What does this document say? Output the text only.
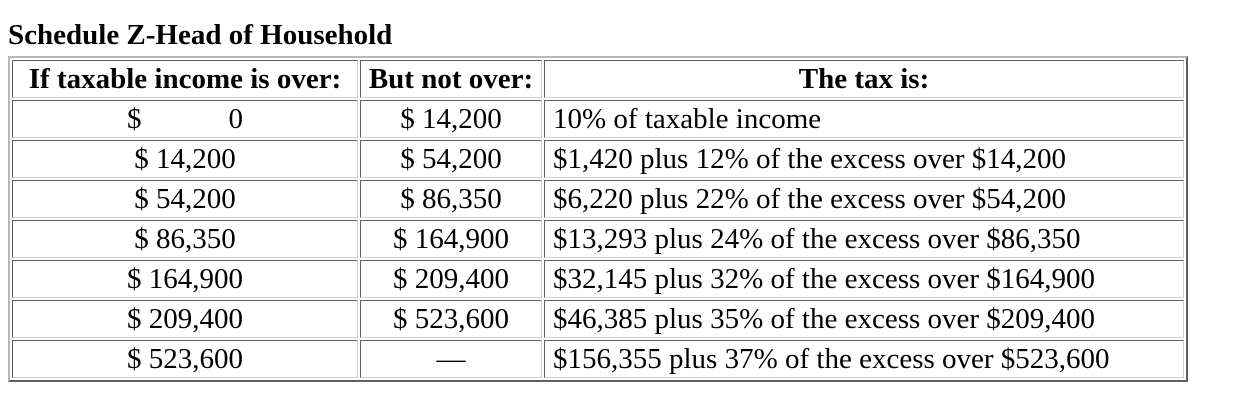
Schedule Z-Head of Household
If taxable income is over:	But not over:	The tax is:
$            0	$ 14,200	10% of taxable income
$ 14,200	$ 54,200	$1,420 plus 12% of the excess over $14,200
$ 54,200	$ 86,350	$6,220 plus 22% of the excess over $54,200
$ 86,350	$ 164,900	$13,293 plus 24% of the excess over $86,350
$ 164,900	$ 209,400	$32,145 plus 32% of the excess over $164,900
$ 209,400	$ 523,600	$46,385 plus 35% of the excess over $209,400
$ 523,600	—	$156,355 plus 37% of the excess over $523,600
